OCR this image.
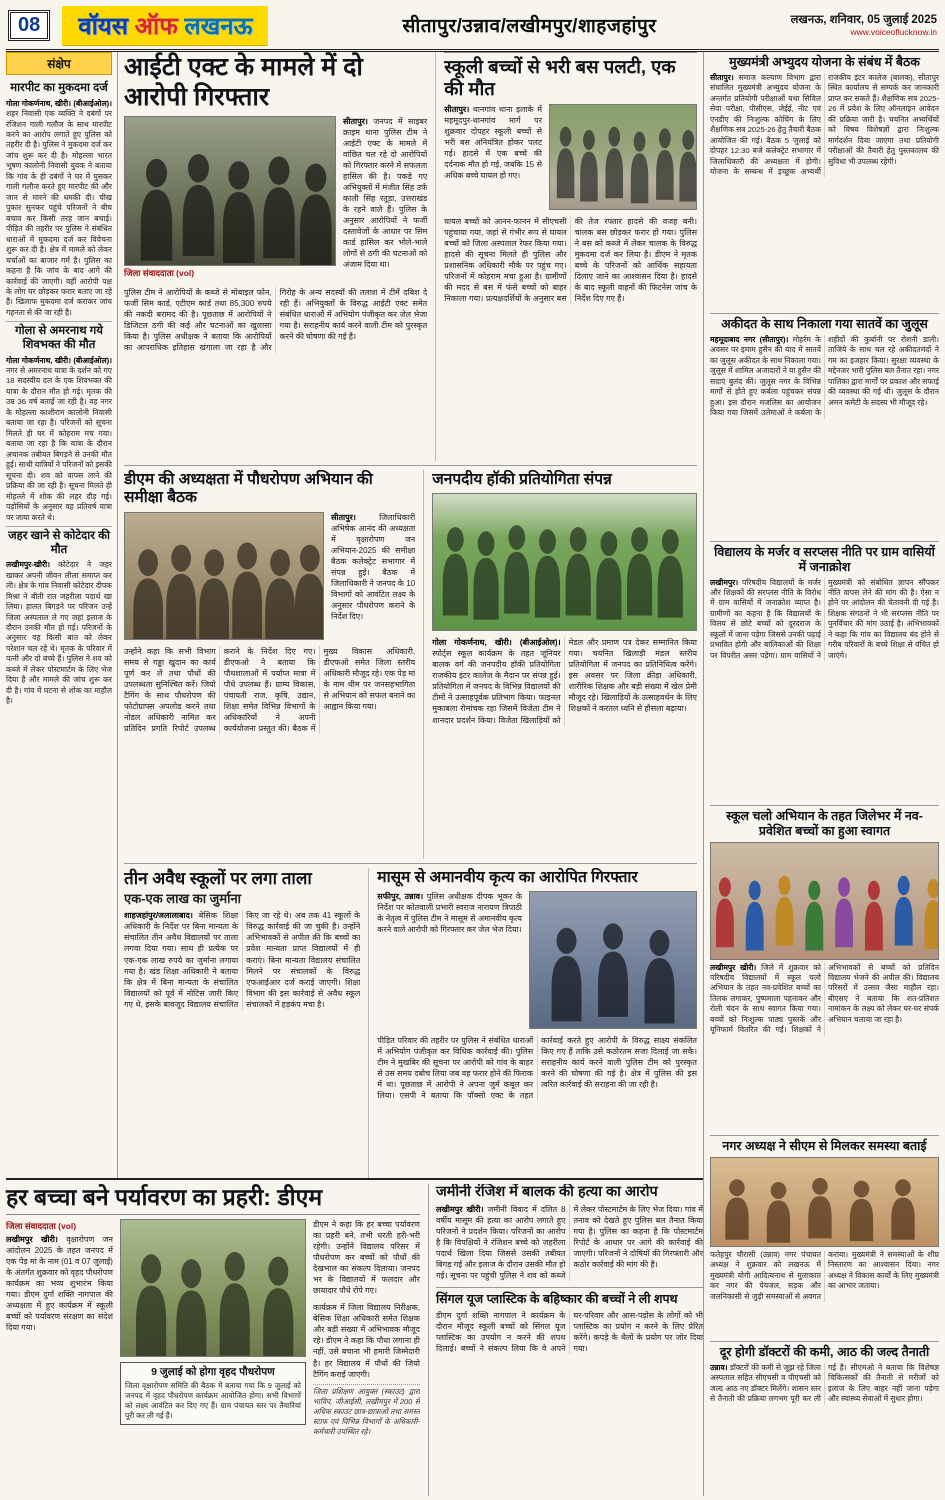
08	वॉयस ऑफ लखनऊ	सीतापुर/उन्नाव/लखीमपुर/शाहजहांपुर	लखनऊ, शनिवार, 05 जुलाई 2025
www.voiceoflucknow.in
संक्षेप
मारपीट का मुकदमा दर्ज

गोला गोकर्णनाथ, खीरी। (बीआईओल)। शहर निवासी एक व्यक्ति ने दबंगों पर रंजिशन गाली गलौज के साथ मारपीट करने का आरोप लगाते हुए पुलिस को तहरीर दी है। पुलिस ने मुकदमा दर्ज कर जांच शुरू कर दी है। मोहल्ला भारत भूषण कालोनी निवासी युवक ने बताया कि गांव के ही दबंगों ने घर में घुसकर गाली गलौज करते हुए मारपीट की और जान से मारने की धमकी दी। चीख पुकार सुनकर पहुंचे परिजनों ने बीच बचाव कर किसी तरह जान बचाई। पीड़ित की तहरीर पर पुलिस ने संबंधित धाराओं में मुकदमा दर्ज कर विवेचना शुरू कर दी है। क्षेत्र में मामले को लेकर चर्चाओं का बाजार गर्म है। पुलिस का कहना है कि जांच के बाद आगे की कार्रवाई की जाएगी। वहीं आरोपी पक्ष के लोग घर छोड़कर फरार बताए जा रहे हैं। खिलाफ मुकदमा दर्ज कराकर जांच गहनता से की जा रही है।

गोला से अमरनाथ गये शिवभक्त की मौत

गोला गोकर्णनाथ, खीरी। (बीआईओल)। नगर से अमरनाथ यात्रा के दर्शन को गए 18 सदस्यीय दल के एक शिवभक्त की यात्रा के दौरान मौत हो गई। मृतक की उम्र 36 वर्ष बताई जा रही है। वह नगर के मोहल्ला काशीराम कालोनी निवासी बताया जा रहा है। परिजनों को सूचना मिलते ही घर में कोहराम मच गया। बताया जा रहा है कि यात्रा के दौरान अचानक तबीयत बिगड़ने से उनकी मौत हुई। साथी यात्रियों ने परिजनों को इसकी सूचना दी। शव को वापस लाने की प्रक्रिया की जा रही है। सूचना मिलते ही मोहल्ले में शोक की लहर दौड़ गई। पड़ोसियों के अनुसार वह प्रतिवर्ष यात्रा पर जाया करते थे।

जहर खाने से कोटेदार की मौत

लखीमपुर-खीरी। कोटेदार ने जहर खाकर अपनी जीवन लीला समाप्त कर ली। क्षेत्र के गांव निवासी कोटेदार दीपक मिश्रा ने बीती रात जहरीला पदार्थ खा लिया। हालत बिगड़ने पर परिजन उन्हें जिला अस्पताल ले गए जहां इलाज के दौरान उनकी मौत हो गई। परिजनों के अनुसार वह किसी बात को लेकर परेशान चल रहे थे। मृतक के परिवार में पत्नी और दो बच्चे हैं। पुलिस ने शव को कब्जे में लेकर पोस्टमार्टम के लिए भेज दिया है और मामले की जांच शुरू कर दी है। गांव में घटना से शोक का माहौल है।

आईटी एक्ट के मामले में दो आरोपी गिरफ्तार
जिला संवाददाता (vol)

सीतापुर। जनपद में साइबर क्राइम थाना पुलिस टीम ने आईटी एक्ट के मामले में वांछित चल रहे दो आरोपियों को गिरफ्तार करने में सफलता हासिल की है। पकड़े गए अभियुक्तों में मंजीत सिंह उर्फ काली सिंह रतूड़ा, उत्तराखंड के रहने वाले हैं। पुलिस के अनुसार आरोपियों ने फर्जी दस्तावेजों के आधार पर सिम कार्ड हासिल कर भोले-भाले लोगों से ठगी की घटनाओं को अंजाम दिया था।

पुलिस टीम ने आरोपियों के कब्जे से मोबाइल फोन, फर्जी सिम कार्ड, एटीएम कार्ड तथा 85,300 रुपये की नकदी बरामद की है। पूछताछ में आरोपियों ने डिजिटल ठगी की कई और घटनाओं का खुलासा किया है। पुलिस अधीक्षक ने बताया कि आरोपियों का आपराधिक इतिहास खंगाला जा रहा है और गिरोह के अन्य सदस्यों की तलाश में टीमें दबिश दे रही हैं। अभियुक्तों के विरुद्ध आईटी एक्ट समेत संबंधित धाराओं में अभियोग पंजीकृत कर जेल भेजा गया है। सराहनीय कार्य करने वाली टीम को पुरस्कृत करने की घोषणा की गई है।

स्कूली बच्चों से भरी बस पलटी, एक की मौत

सीतापुर। थानगांव थाना इलाके में महमूदपुर-थानगांव मार्ग पर शुक्रवार दोपहर स्कूली बच्चों से भरी बस अनियंत्रित होकर पलट गई। हादसे में एक बच्चे की दर्दनाक मौत हो गई, जबकि 15 से अधिक बच्चे घायल हो गए।

घायल बच्चों को आनन-फानन में सीएचसी पहुंचाया गया, जहां से गंभीर रूप से घायल बच्चों को जिला अस्पताल रेफर किया गया। हादसे की सूचना मिलते ही पुलिस और प्रशासनिक अधिकारी मौके पर पहुंच गए। परिजनों में कोहराम मचा हुआ है। ग्रामीणों की मदद से बस में फंसे बच्चों को बाहर निकाला गया। प्रत्यक्षदर्शियों के अनुसार बस की तेज रफ्तार हादसे की वजह बनी। चालक बस छोड़कर फरार हो गया। पुलिस ने बस को कब्जे में लेकर चालक के विरुद्ध मुकदमा दर्ज कर लिया है। डीएम ने मृतक बच्चे के परिजनों को आर्थिक सहायता दिलाए जाने का आश्वासन दिया है। हादसे के बाद स्कूली वाहनों की फिटनेस जांच के निर्देश दिए गए हैं।

डीएम की अध्यक्षता में पौधरोपण अभियान की समीक्षा बैठक

सीतापुर।	जिलाधिकारी अभिषेक आनंद की अध्यक्षता में वृक्षारोपण जन अभियान-2025 की समीक्षा बैठक कलेक्ट्रेट सभागार में संपन्न हुई। बैठक में जिलाधिकारी ने जनपद के 10 विभागों को आवंटित लक्ष्य के अनुसार पौधरोपण कराने के निर्देश दिए।

उन्होंने कहा कि सभी विभाग समय से गड्ढा खुदान का कार्य पूर्ण कर लें तथा पौधों की उपलब्धता सुनिश्चित करें। जियो टैगिंग के साथ पौधरोपण की फोटोग्राफ्स अपलोड करने तथा नोडल अधिकारी नामित कर प्रतिदिन प्रगति रिपोर्ट उपलब्ध कराने के निर्देश दिए गए। डीएफओ ने बताया कि पौधशालाओं में पर्याप्त मात्रा में पौधे उपलब्ध हैं। ग्राम्य विकास, पंचायती राज, कृषि, उद्यान, शिक्षा समेत विभिन्न विभागों के अधिकारियों ने अपनी कार्ययोजना प्रस्तुत की। बैठक में मुख्य विकास अधिकारी, डीएफओ समेत जिला स्तरीय अधिकारी मौजूद रहे। एक पेड़ मां के नाम थीम पर जनसहभागिता से अभियान को सफल बनाने का आह्वान किया गया।

जनपदीय हॉकी प्रतियोगिता संपन्न

गोला गोकर्णनाथ, खीरी। (बीआईओल)। स्पोर्ट्स स्कूल कार्यक्रम के तहत जूनियर बालक वर्ग की जनपदीय हॉकी प्रतियोगिता राजकीय इंटर कालेज के मैदान पर संपन्न हुई। प्रतियोगिता में जनपद के विभिन्न विद्यालयों की टीमों ने उत्साहपूर्वक प्रतिभाग किया। फाइनल मुकाबला रोमांचक रहा जिसमें विजेता टीम ने शानदार प्रदर्शन किया। विजेता खिलाड़ियों को मेडल और प्रमाण पत्र देकर सम्मानित किया गया। चयनित खिलाड़ी मंडल स्तरीय प्रतियोगिता में जनपद का प्रतिनिधित्व करेंगे। इस अवसर पर जिला क्रीड़ा अधिकारी, शारीरिक शिक्षक और बड़ी संख्या में खेल प्रेमी मौजूद रहे। खिलाड़ियों के उत्साहवर्धन के लिए शिक्षकों ने करतल ध्वनि से हौसला बढ़ाया।

तीन अवैध स्कूलों पर लगा ताला
एक-एक लाख का जुर्माना

शाहजहांपुर/जलालाबाद। बेसिक शिक्षा अधिकारी के निर्देश पर बिना मान्यता के संचालित तीन अवैध विद्यालयों पर ताला लगवा दिया गया। साथ ही प्रत्येक पर एक-एक लाख रुपये का जुर्माना लगाया गया है। खंड शिक्षा अधिकारी ने बताया कि क्षेत्र में बिना मान्यता के संचालित विद्यालयों को पूर्व में नोटिस जारी किए गए थे, इसके बावजूद विद्यालय संचालित किए जा रहे थे। अब तक 41 स्कूलों के विरुद्ध कार्रवाई की जा चुकी है। उन्होंने अभिभावकों से अपील की कि बच्चों का प्रवेश मान्यता प्राप्त विद्यालयों में ही कराएं। बिना मान्यता विद्यालय संचालित मिलने पर संचालकों के विरुद्ध एफआईआर दर्ज कराई जाएगी। शिक्षा विभाग की इस कार्रवाई से अवैध स्कूल संचालकों में हड़कंप मचा है।

मासूम से अमानवीय कृत्य का आरोपित गिरफ्तार

सफीपुर, उन्नाव। पुलिस अधीक्षक दीपक भूकर के निर्देश पर कोतवाली प्रभारी स्वराज नारायण त्रिपाठी के नेतृत्व में पुलिस टीम ने मासूम से अमानवीय कृत्य करने वाले आरोपी को गिरफ्तार कर जेल भेज दिया।

पीड़ित परिवार की तहरीर पर पुलिस ने संबंधित धाराओं में अभियोग पंजीकृत कर विधिक कार्रवाई की। पुलिस टीम ने मुखबिर की सूचना पर आरोपी को गांव के बाहर से उस समय दबोच लिया जब वह फरार होने की फिराक में था। पूछताछ में आरोपी ने अपना जुर्म कबूल कर लिया। एसपी ने बताया कि पॉक्सो एक्ट के तहत कार्रवाई करते हुए आरोपी के विरुद्ध साक्ष्य संकलित किए गए हैं ताकि उसे कठोरतम सजा दिलाई जा सके। सराहनीय कार्य करने वाली पुलिस टीम को पुरस्कृत करने की घोषणा की गई है। क्षेत्र में पुलिस की इस त्वरित कार्रवाई की सराहना की जा रही है।

हर बच्चा बने पर्यावरण का प्रहरी: डीएम
जिला संवाददाता (vol)

लखीमपुर खीरी। वृक्षारोपण जन आंदोलन 2025 के तहत जनपद में एक पेड़ मां के नाम (01 व 07 जुलाई) के अंतर्गत शुक्रवार को वृहद पौधरोपण कार्यक्रम का भव्य शुभारंभ किया गया। डीएम दुर्गा शक्ति नागपाल की अध्यक्षता में हुए कार्यक्रम में स्कूली बच्चों को पर्यावरण संरक्षण का संदेश दिया गया।

9 जुलाई को होगा वृहद पौधरोपण

जिला वृक्षारोपण समिति की बैठक में बताया गया कि 9 जुलाई को जनपद में वृहद पौधरोपण कार्यक्रम आयोजित होगा। सभी विभागों को लक्ष्य आवंटित कर दिए गए हैं। ग्राम पंचायत स्तर पर तैयारियां पूरी कर ली गई हैं।

डीएम ने कहा कि हर बच्चा पर्यावरण का प्रहरी बने, तभी धरती हरी-भरी रहेगी। उन्होंने विद्यालय परिसर में पौधरोपण कर बच्चों को पौधों की देखभाल का संकल्प दिलाया। जनपद भर के विद्यालयों में फलदार और छायादार पौधे रोपे गए।

कार्यक्रम में जिला विद्यालय निरीक्षक, बेसिक शिक्षा अधिकारी समेत शिक्षक और बड़ी संख्या में अभिभावक मौजूद रहे। डीएम ने कहा कि पौधा लगाना ही नहीं, उसे बचाना भी हमारी जिम्मेदारी है। हर विद्यालय में पौधों की जियो टैगिंग कराई जाएगी।

जिला प्रशिक्षण आयुक्त (स्काउट) द्वारा भाविप, जीआईसी, लखीमपुर में 200 से अधिक स्काउट छात्र-छात्राओं तथा समस्त स्टाफ एवं विभिन्न विभागों के अधिकारी-कर्मचारी उपस्थित रहे।

जमीनी रंजिश में बालक की हत्या का आरोप

लखीमपुर खीरी। जमीनी विवाद में दलित 8 वर्षीय मासूम की हत्या का आरोप लगाते हुए परिजनों ने प्रदर्शन किया। परिजनों का आरोप है कि विपक्षियों ने रंजिशन बच्चे को जहरीला पदार्थ खिला दिया जिससे उसकी तबीयत बिगड़ गई और इलाज के दौरान उसकी मौत हो गई। सूचना पर पहुंची पुलिस ने शव को कब्जे में लेकर पोस्टमार्टम के लिए भेज दिया। गांव में तनाव को देखते हुए पुलिस बल तैनात किया गया है। पुलिस का कहना है कि पोस्टमार्टम रिपोर्ट के आधार पर आगे की कार्रवाई की जाएगी। परिजनों ने दोषियों की गिरफ्तारी और कठोर कार्रवाई की मांग की है।

सिंगल यूज प्लास्टिक के बहिष्कार की बच्चों ने ली शपथ

डीएम दुर्गा शक्ति नागपाल ने कार्यक्रम के दौरान मौजूद स्कूली बच्चों को सिंगल यूज प्लास्टिक का उपयोग न करने की शपथ दिलाई। बच्चों ने संकल्प लिया कि वे अपने घर-परिवार और आस-पड़ोस के लोगों को भी प्लास्टिक का प्रयोग न करने के लिए प्रेरित करेंगे। कपड़े के थैलों के प्रयोग पर जोर दिया गया।

मुख्यमंत्री अभ्युदय योजना के संबंध में बैठक

सीतापुर। समाज कल्याण विभाग द्वारा संचालित मुख्यमंत्री अभ्युदय योजना के अन्तर्गत प्रतियोगी परीक्षाओं यथा सिविल सेवा परीक्षा, पीसीएस, जेईई, नीट एवं एनडीए की निःशुल्क कोचिंग के लिए शैक्षणिक सत्र 2025-26 हेतु तैयारी बैठक आयोजित की गई। बैठक 5 जुलाई को दोपहर 12:30 बजे कलेक्ट्रेट सभागार में जिलाधिकारी की अध्यक्षता में होगी। योजना के सम्बन्ध में इच्छुक अभ्यर्थी राजकीय इंटर कालेज (बालक), सीतापुर स्थित कार्यालय से सम्पर्क कर जानकारी प्राप्त कर सकते हैं। शैक्षणिक सत्र 2025-26 में प्रवेश के लिए ऑनलाइन आवेदन की प्रक्रिया जारी है। चयनित अभ्यर्थियों को विषय विशेषज्ञों द्वारा निःशुल्क मार्गदर्शन दिया जाएगा तथा प्रतियोगी परीक्षाओं की तैयारी हेतु पुस्तकालय की सुविधा भी उपलब्ध रहेगी।

अकीदत के साथ निकाला गया सातवें का जुलूस

महमूदाबाद नगर (सीतापुर)। मोहर्रम के अवसर पर इमाम हुसैन की याद में सातवें का जुलूस अकीदत के साथ निकाला गया। जुलूस में शामिल अजादारों ने या हुसैन की सदाएं बुलंद कीं। जुलूस नगर के विभिन्न मार्गों से होते हुए कर्बला पहुंचकर संपन्न हुआ। इस दौरान मजलिस का आयोजन किया गया जिसमें उलेमाओं ने कर्बला के शहीदों की कुर्बानी पर रोशनी डाली। ताजिये के साथ चल रहे अकीदतमंदों ने गम का इजहार किया। सुरक्षा व्यवस्था के मद्देनजर भारी पुलिस बल तैनात रहा। नगर पालिका द्वारा मार्गों पर प्रकाश और सफाई की व्यवस्था की गई थी। जुलूस के दौरान अमन कमेटी के सदस्य भी मौजूद रहे।

विद्यालय के मर्जर व सरप्लस नीति पर ग्राम वासियों में जनाक्रोश

लखीमपुर। परिषदीय विद्यालयों के मर्जर और शिक्षकों की सरप्लस नीति के विरोध में ग्राम वासियों में जनाक्रोश व्याप्त है। ग्रामीणों का कहना है कि विद्यालयों के विलय से छोटे बच्चों को दूरदराज के स्कूलों में जाना पड़ेगा जिससे उनकी पढ़ाई प्रभावित होगी और बालिकाओं की शिक्षा पर विपरीत असर पड़ेगा। ग्राम वासियों ने मुख्यमंत्री को संबोधित ज्ञापन सौंपकर नीति वापस लेने की मांग की है। ऐसा न होने पर आंदोलन की चेतावनी दी गई है। शिक्षक संगठनों ने भी सरप्लस नीति पर पुनर्विचार की मांग उठाई है। अभिभावकों ने कहा कि गांव का विद्यालय बंद होने से गरीब परिवारों के बच्चे शिक्षा से वंचित हो जाएंगे।

स्कूल चलो अभियान के तहत जिलेभर में नव-प्रवेशित बच्चों का हुआ स्वागत

लखीमपुर खीरी। जिले में शुक्रवार को परिषदीय विद्यालयों में स्कूल चलो अभियान के तहत नव-प्रवेशित बच्चों का तिलक लगाकर, पुष्पमाला पहनाकर और रोली चंदन के साथ स्वागत किया गया। बच्चों को निःशुल्क पाठ्य पुस्तकें और यूनिफार्म वितरित की गईं। शिक्षकों ने अभिभावकों से बच्चों को प्रतिदिन विद्यालय भेजने की अपील की। विद्यालय परिसरों में उत्सव जैसा माहौल रहा। बीएसए ने बताया कि शत-प्रतिशत नामांकन के लक्ष्य को लेकर घर-घर संपर्क अभियान चलाया जा रहा है।

नगर अध्यक्ष ने सीएम से मिलकर समस्या बताई

फतेहपुर चौरासी (उन्नाव) नगर पंचायत अध्यक्ष ने शुक्रवार को लखनऊ में मुख्यमंत्री योगी आदित्यनाथ से मुलाकात कर नगर की पेयजल, सड़क और जलनिकासी से जुड़ी समस्याओं से अवगत कराया। मुख्यमंत्री ने समस्याओं के शीघ्र निस्तारण का आश्वासन दिया। नगर अध्यक्ष ने विकास कार्यों के लिए मुख्यमंत्री का आभार जताया।

दूर होगी डॉक्टरों की कमी, आठ की जल्द तैनाती

उन्नाव। डॉक्टरों की कमी से जूझ रहे जिला अस्पताल सहित सीएचसी व पीएचसी को जल्द आठ नए डॉक्टर मिलेंगे। शासन स्तर से तैनाती की प्रक्रिया लगभग पूरी कर ली गई है। सीएमओ ने बताया कि विशेषज्ञ चिकित्सकों की तैनाती से मरीजों को इलाज के लिए बाहर नहीं जाना पड़ेगा और स्वास्थ्य सेवाओं में सुधार होगा।
